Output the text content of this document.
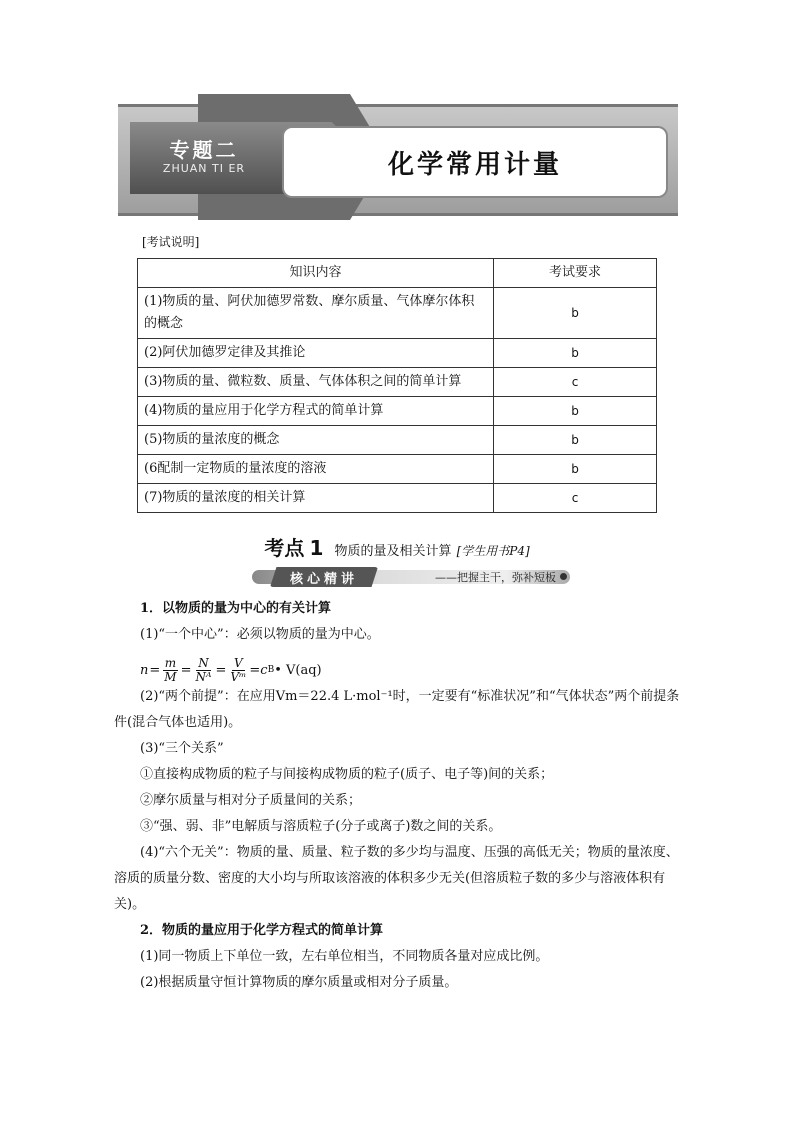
专题二
ZHUAN TI ER	化学常用计量
[考试说明]
知识内容	考试要求
(1)物质的量、阿伏加德罗常数、摩尔质量、气体摩尔体积的概念	b
(2)阿伏加德罗定律及其推论	b
(3)物质的量、微粒数、质量、气体体积之间的简单计算	c
(4)物质的量应用于化学方程式的简单计算	b
(5)物质的量浓度的概念	b
(6配制一定物质的量浓度的溶液	b
(7)物质的量浓度的相关计算	c
考点 1 物质的量及相关计算 [学生用书P4]
核心精讲	——把握主干，弥补短板

1．以物质的量为中心的有关计算

(1)“一个中心”：必须以物质的量为中心。

(2)“两个前提”：在应用Vm＝22.4 L·mol⁻¹时，一定要有“标准状况”和“气体状态”两个前提条件(混合气体也适用)。

(3)“三个关系”

①直接构成物质的粒子与间接构成物质的粒子(质子、电子等)间的关系；

②摩尔质量与相对分子质量间的关系；

③“强、弱、非”电解质与溶质粒子(分子或离子)数之间的关系。

(4)“六个无关”：物质的量、质量、粒子数的多少均与温度、压强的高低无关；物质的量浓度、溶质的质量分数、密度的大小均与所取该溶液的体积多少无关(但溶质粒子数的多少与溶液体积有关)。

2．物质的量应用于化学方程式的简单计算

(1)同一物质上下单位一致，左右单位相当，不同物质各量对应成比例。

(2)根据质量守恒计算物质的摩尔质量或相对分子质量。

$n = \frac{m}{M} = \frac{N}{\text{Nᴬ}} = \frac{V}{\text{Vᵐ}} =c$ B • V(aq)
